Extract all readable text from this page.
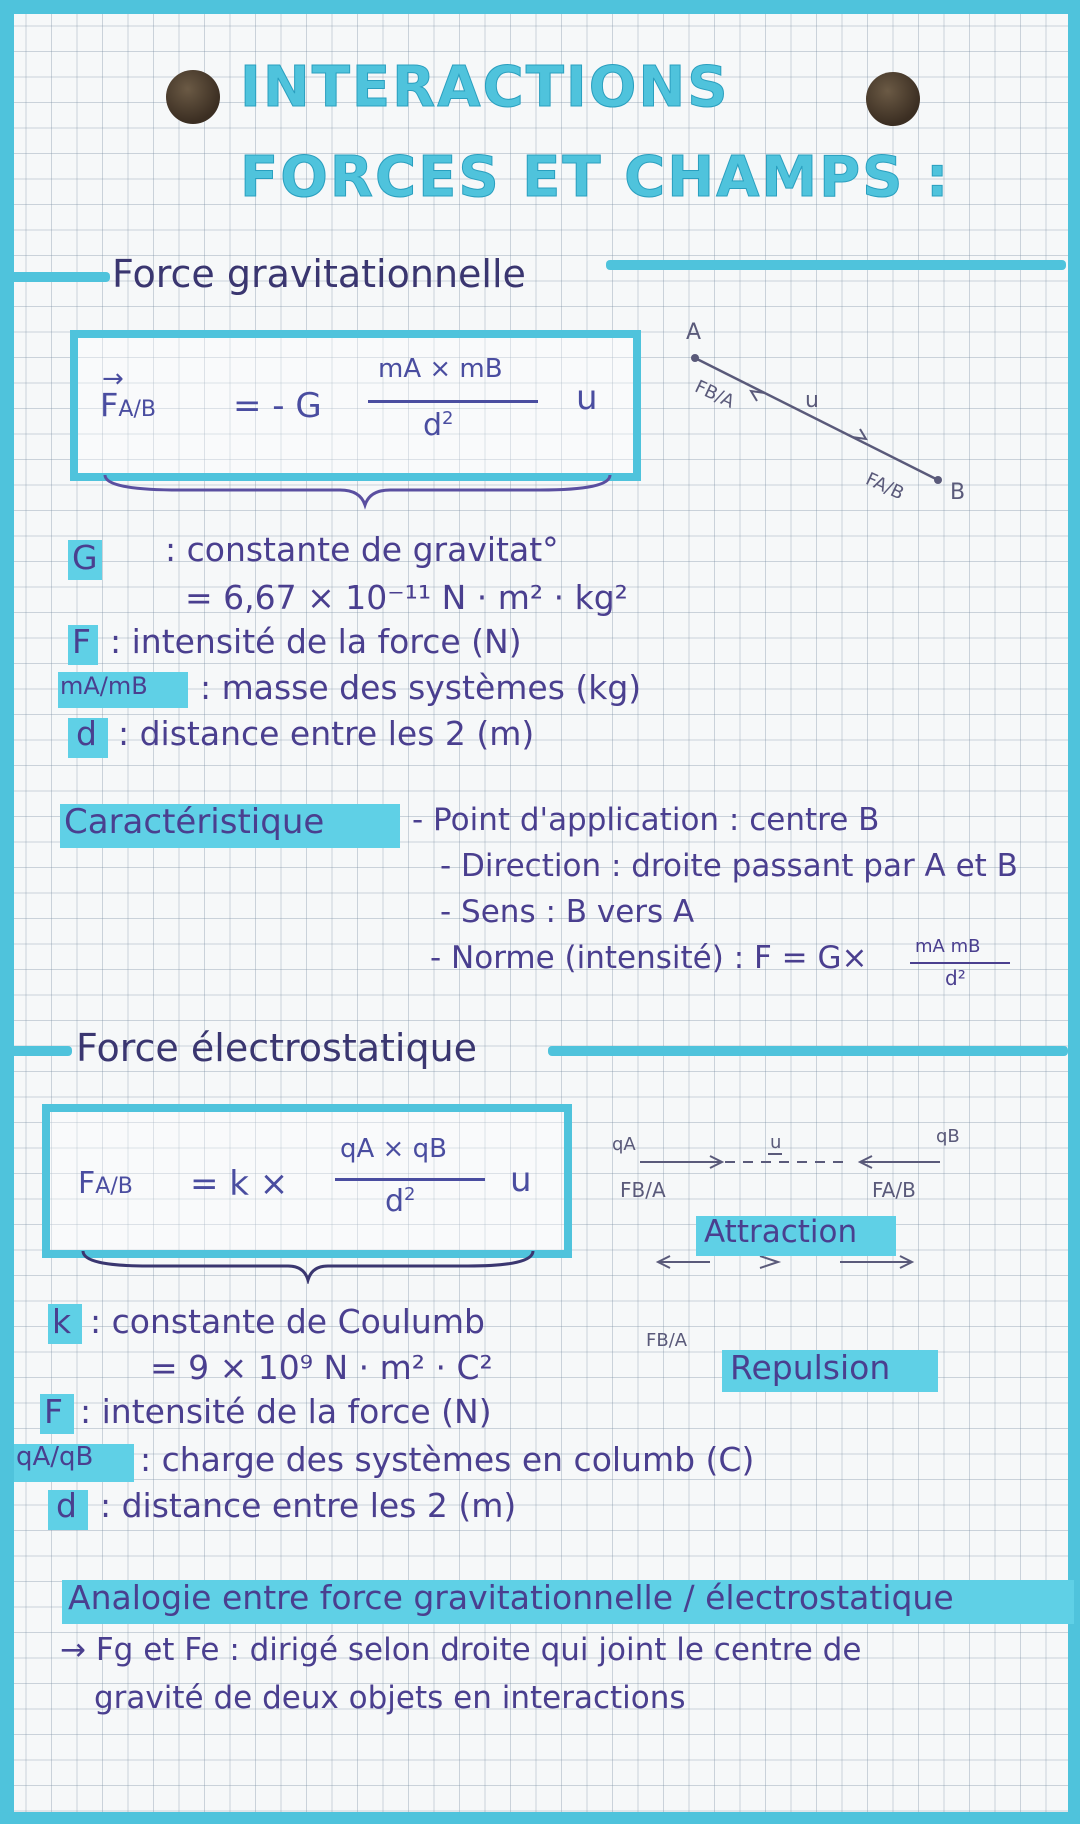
INTERACTIONS
FORCES ET CHAMPS :
Force gravitationnelle
→
FA/B = - G
mA × mB
$d^2$
u
A
B
FB/A	u
FA/B
G : constante de gravitat°
= 6,67 × 10⁻¹¹ N · m² · kg²
F : intensité de la force (N)
mA/mB : masse des systèmes (kg)
d : distance entre les 2 (m)
Caractéristique	- Point d'application : centre B
- Direction : droite passant par A et B
- Sens : B vers A
- Norme (intensité) : F = G×	mA mB
d²
Force électrostatique
FA/B = k ×
qA × qB
$d^2$	u
qA	qB
FB/A	FA/B
u
Attraction
FB/A
Repulsion
k : constante de Coulumb
= 9 × 10⁹ N · m² · C²
F : intensité de la force (N)
qA/qB : charge des systèmes en columb (C)
d : distance entre les 2 (m)
Analogie entre force gravitationnelle / électrostatique
→ Fg et Fe : dirigé selon droite qui joint le centre de
gravité de deux objets en interactions
